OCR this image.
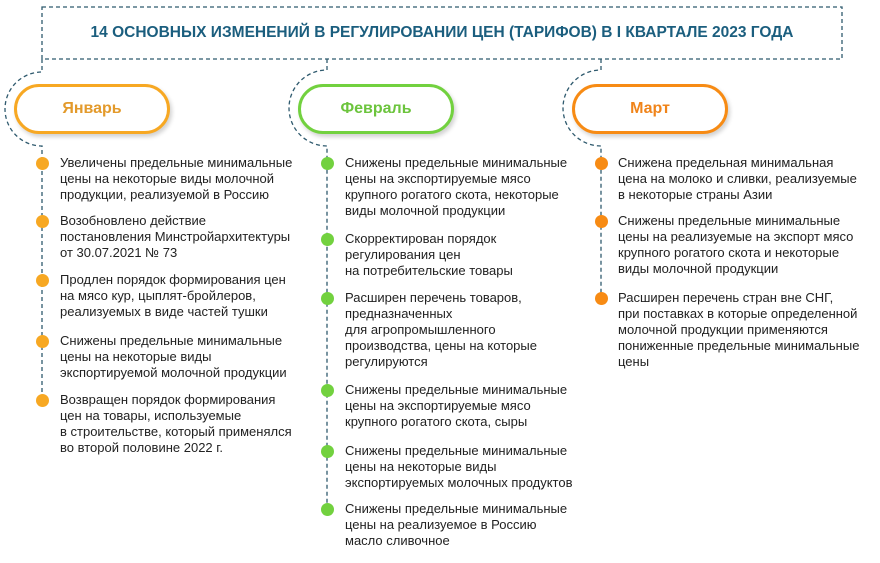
14 ОСНОВНЫХ ИЗМЕНЕНИЙ В РЕГУЛИРОВАНИИ ЦЕН (ТАРИФОВ) В I КВАРТАЛЕ 2023 ГОДА
Январь	Февраль	Март
Увеличены предельные минимальные
цены на некоторые виды молочной
продукции, реализуемой в Россию
Возобновлено действие
постановления Минстройархитектуры
от 30.07.2021 № 73
Продлен порядок формирования цен
на мясо кур, цыплят-бройлеров,
реализуемых в виде частей тушки
Снижены предельные минимальные
цены на некоторые виды
экспортируемой молочной продукции
Возвращен порядок формирования
цен на товары, используемые
в строительстве, который применялся
во второй половине 2022 г.
Снижены предельные минимальные
цены на экспортируемые мясо
крупного рогатого скота, некоторые
виды молочной продукции
Скорректирован порядок
регулирования цен
на потребительские товары
Расширен перечень товаров,
предназначенных
для агропромышленного
производства, цены на которые
регулируются
Снижены предельные минимальные
цены на экспортируемые мясо
крупного рогатого скота, сыры
Снижены предельные минимальные
цены на некоторые виды
экспортируемых молочных продуктов
Снижены предельные минимальные
цены на реализуемое в Россию
масло сливочное
Снижена предельная минимальная
цена на молоко и сливки, реализуемые
в некоторые страны Азии
Снижены предельные минимальные
цены на реализуемые на экспорт мясо
крупного рогатого скота и некоторые
виды молочной продукции
Расширен перечень стран вне СНГ,
при поставках в которые определенной
молочной продукции применяются
пониженные предельные минимальные
цены
